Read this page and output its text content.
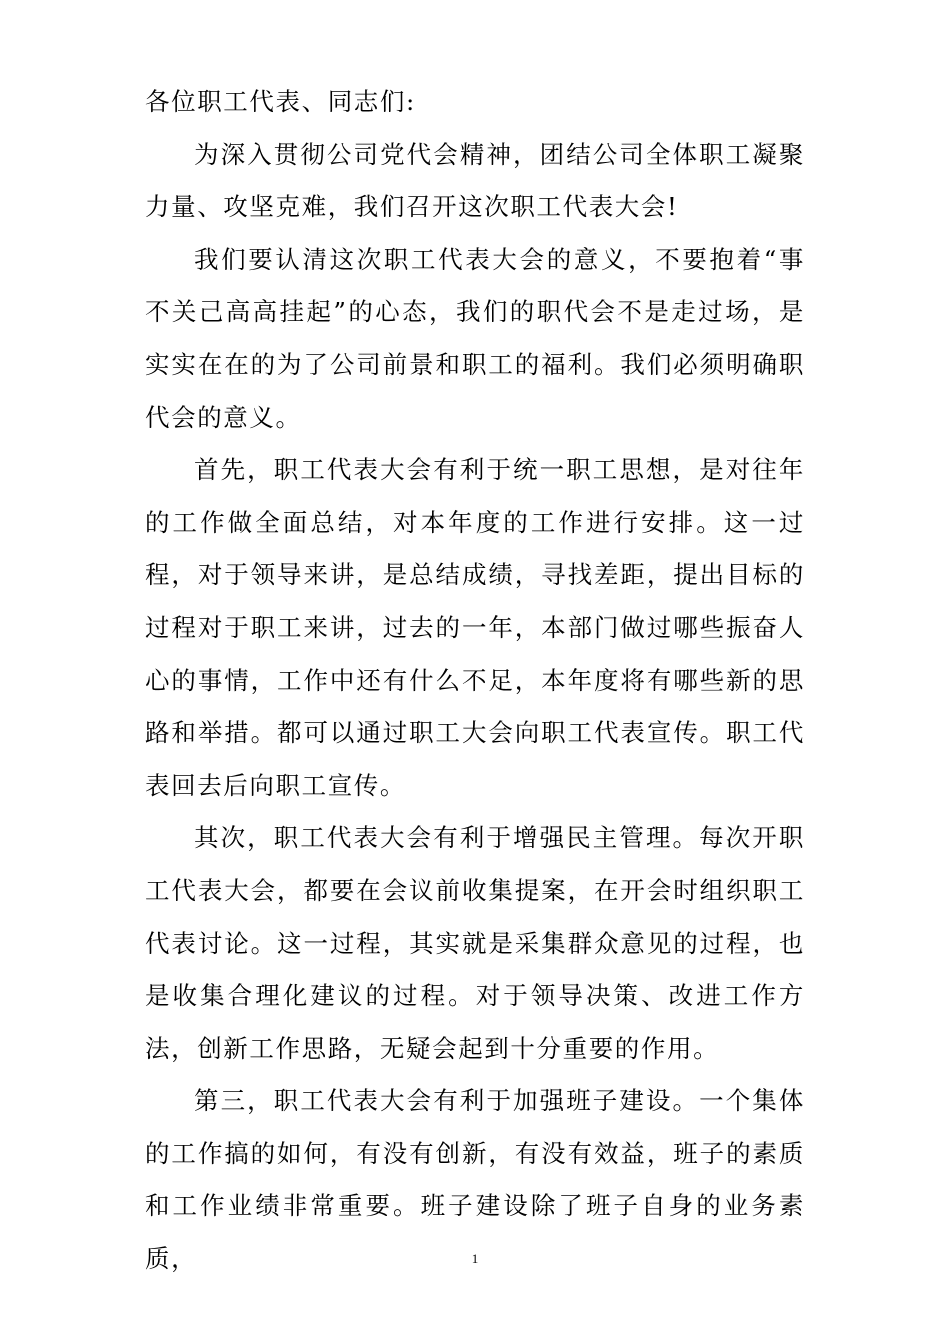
各位职工代表、同志们:

为深入贯彻公司党代会精神，团结公司全体职工凝聚力量、攻坚克难，我们召开这次职工代表大会!

我们要认清这次职工代表大会的意义，不要抱着“事不关己高高挂起”的心态，我们的职代会不是走过场，是实实在在的为了公司前景和职工的福利。我们必须明确职代会的意义。

首先，职工代表大会有利于统一职工思想，是对往年的工作做全面总结，对本年度的工作进行安排。这一过程，对于领导来讲，是总结成绩，寻找差距，提出目标的过程对于职工来讲，过去的一年，本部门做过哪些振奋人心的事情，工作中还有什么不足，本年度将有哪些新的思路和举措。都可以通过职工大会向职工代表宣传。职工代表回去后向职工宣传。

其次，职工代表大会有利于增强民主管理。每次开职工代表大会，都要在会议前收集提案，在开会时组织职工代表讨论。这一过程，其实就是采集群众意见的过程，也是收集合理化建议的过程。对于领导决策、改进工作方法，创新工作思路，无疑会起到十分重要的作用。

第三，职工代表大会有利于加强班子建设。一个集体的工作搞的如何，有没有创新，有没有效益，班子的素质和工作业绩非常重要。班子建设除了班子自身的业务素质，	1
